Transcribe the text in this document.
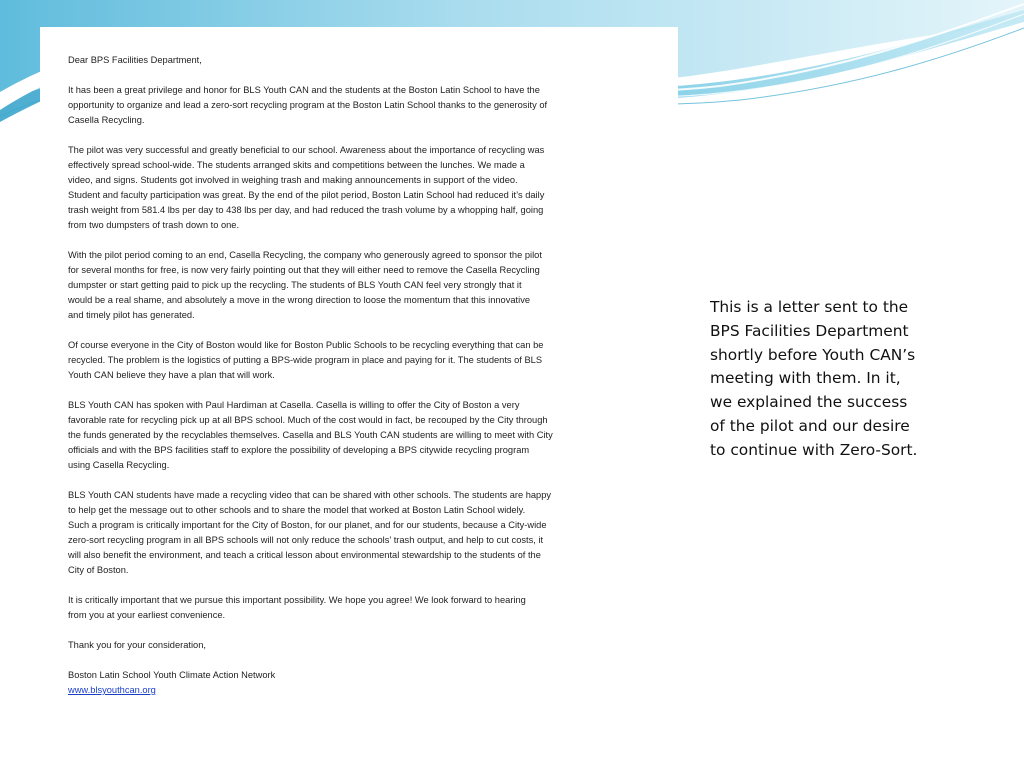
Dear BPS Facilities Department,

It has been a great privilege and honor for BLS Youth CAN and the students at the Boston Latin School to have the
opportunity to organize and lead a zero-sort recycling program at the Boston Latin School thanks to the generosity of
Casella Recycling.

The pilot was very successful and greatly beneficial to our school. Awareness about the importance of recycling was
effectively spread school-wide. The students arranged skits and competitions between the lunches. We made a
video, and signs. Students got involved in weighing trash and making announcements in support of the video.
Student and faculty participation was great. By the end of the pilot period, Boston Latin School had reduced it’s daily
trash weight from 581.4 lbs per day to 438 lbs per day, and had reduced the trash volume by a whopping half, going
from two dumpsters of trash down to one.

With the pilot period coming to an end, Casella Recycling, the company who generously agreed to sponsor the pilot
for several months for free, is now very fairly pointing out that they will either need to remove the Casella Recycling
dumpster or start getting paid to pick up the recycling. The students of BLS Youth CAN feel very strongly that it
would be a real shame, and absolutely a move in the wrong direction to loose the momentum that this innovative
and timely pilot has generated.

Of course everyone in the City of Boston would like for Boston Public Schools to be recycling everything that can be
recycled. The problem is the logistics of putting a BPS-wide program in place and paying for it. The students of BLS
Youth CAN believe they have a plan that will work.

BLS Youth CAN has spoken with Paul Hardiman at Casella. Casella is willing to offer the City of Boston a very
favorable rate for recycling pick up at all BPS school. Much of the cost would in fact, be recouped by the City through
the funds generated by the recyclables themselves. Casella and BLS Youth CAN students are willing to meet with City
officials and with the BPS facilities staff to explore the possibility of developing a BPS citywide recycling program
using Casella Recycling.

BLS Youth CAN students have made a recycling video that can be shared with other schools. The students are happy
to help get the message out to other schools and to share the model that worked at Boston Latin School widely.
Such a program is critically important for the City of Boston, for our planet, and for our students, because a City-wide
zero-sort recycling program in all BPS schools will not only reduce the schools’ trash output, and help to cut costs, it
will also benefit the environment, and teach a critical lesson about environmental stewardship to the students of the
City of Boston.

It is critically important that we pursue this important possibility. We hope you agree! We look forward to hearing
from you at your earliest convenience.

Thank you for your consideration,

Boston Latin School Youth Climate Action Network

www.blsyouthcan.org

This is a letter sent to the
BPS Facilities Department
shortly before Youth CAN’s
meeting with them. In it,
we explained the success
of the pilot and our desire
to continue with Zero-Sort.
